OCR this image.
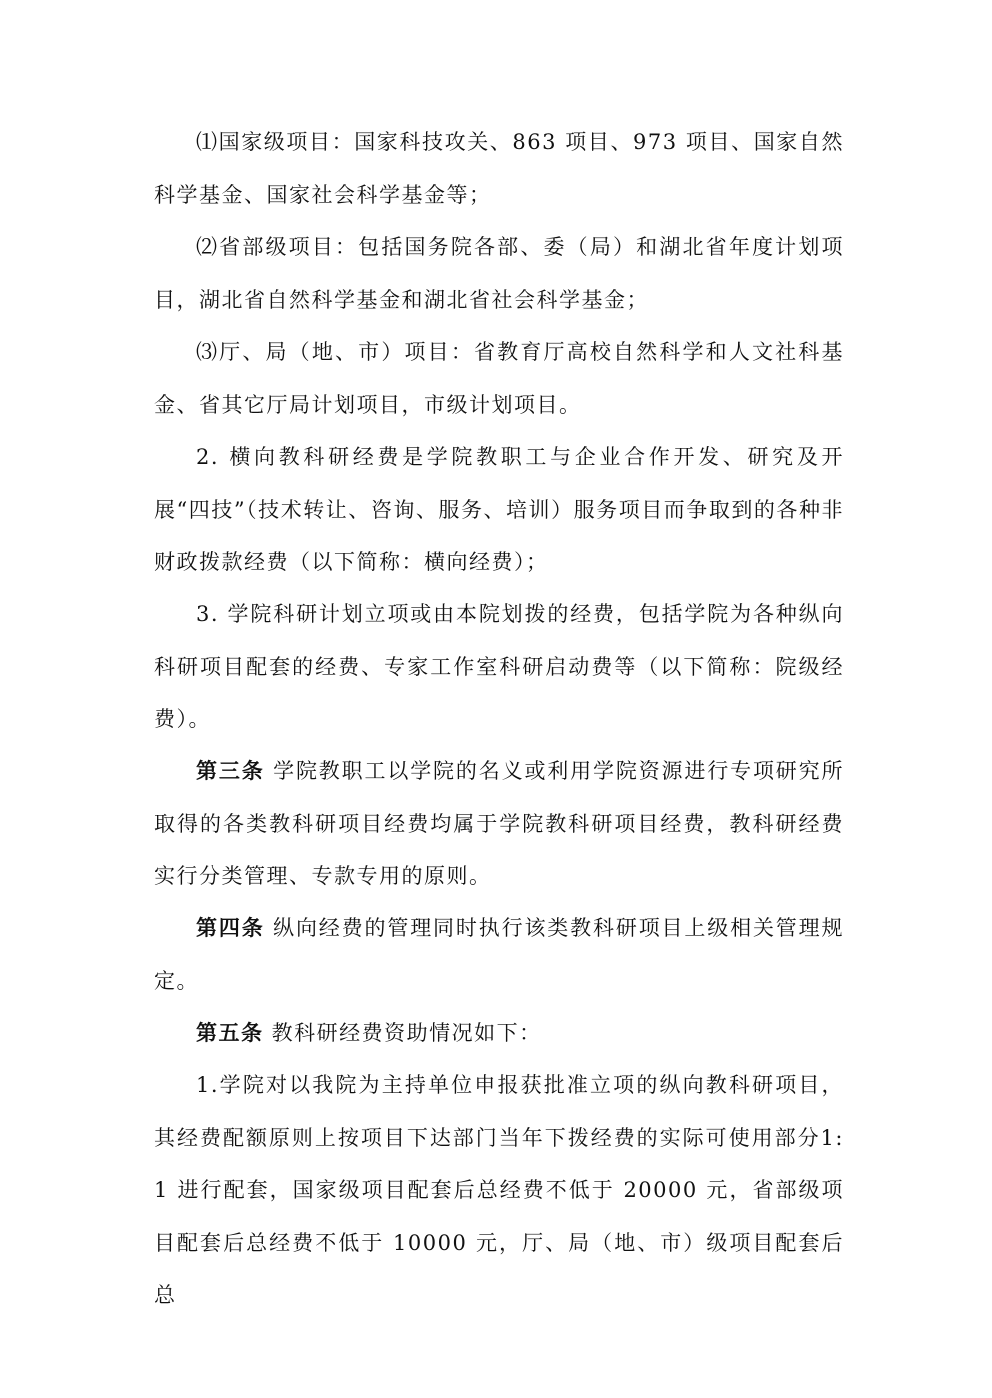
⑴国家级项目：国家科技攻关、863 项目、973 项目、国家自然科学基金、国家社会科学基金等；

⑵省部级项目：包括国务院各部、委（局）和湖北省年度计划项目，湖北省自然科学基金和湖北省社会科学基金；

⑶厅、局（地、市）项目：省教育厅高校自然科学和人文社科基金、省其它厅局计划项目，市级计划项目。

2. 横向教科研经费是学院教职工与企业合作开发、研究及开展“四技”（技术转让、咨询、服务、培训）服务项目而争取到的各种非财政拨款经费（以下简称：横向经费）；

3. 学院科研计划立项或由本院划拨的经费，包括学院为各种纵向科研项目配套的经费、专家工作室科研启动费等（以下简称：院级经费）。

第三条 学院教职工以学院的名义或利用学院资源进行专项研究所取得的各类教科研项目经费均属于学院教科研项目经费，教科研经费实行分类管理、专款专用的原则。

第四条 纵向经费的管理同时执行该类教科研项目上级相关管理规定。

第五条 教科研经费资助情况如下：

1.学院对以我院为主持单位申报获批准立项的纵向教科研项目，其经费配额原则上按项目下达部门当年下拨经费的实际可使用部分1:1 进行配套，国家级项目配套后总经费不低于 20000 元，省部级项目配套后总经费不低于 10000 元，厅、局（地、市）级项目配套后总
